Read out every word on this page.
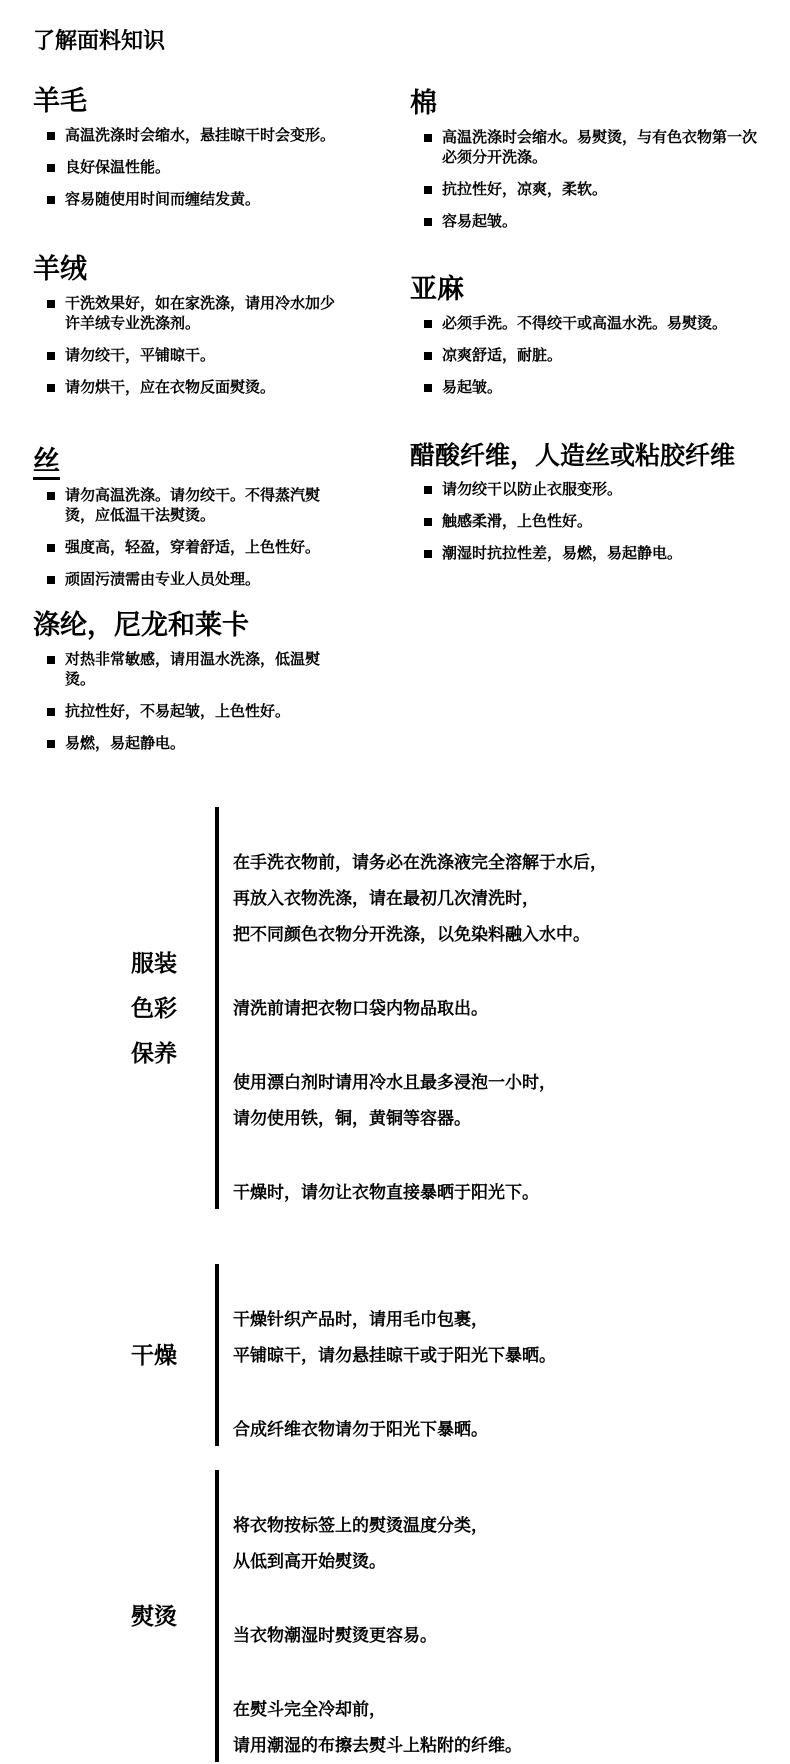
了解面料知识
羊毛
高温洗涤时会缩水，悬挂晾干时会变形。
良好保温性能。
容易随使用时间而缠结发黄。
羊绒
干洗效果好，如在家洗涤，请用冷水加少许羊绒专业洗涤剂。
请勿绞干，平铺晾干。
请勿烘干，应在衣物反面熨烫。
丝
请勿高温洗涤。请勿绞干。不得蒸汽熨烫，应低温干法熨烫。
强度高，轻盈，穿着舒适，上色性好。
顽固污渍需由专业人员处理。
涤纶，尼龙和莱卡
对热非常敏感，请用温水洗涤，低温熨烫。
抗拉性好，不易起皱，上色性好。
易燃，易起静电。
棉
高温洗涤时会缩水。易熨烫，与有色衣物第一次必须分开洗涤。
抗拉性好，凉爽，柔软。
容易起皱。
亚麻
必须手洗。不得绞干或高温水洗。易熨烫。
凉爽舒适，耐脏。
易起皱。
醋酸纤维，人造丝或粘胶纤维
请勿绞干以防止衣服变形。
触感柔滑，上色性好。
潮湿时抗拉性差，易燃，易起静电。
服装
色彩
保养

在手洗衣物前，请务必在洗涤液完全溶解于水后，
再放入衣物洗涤，请在最初几次清洗时，
把不同颜色衣物分开洗涤，以免染料融入水中。

清洗前请把衣物口袋内物品取出。

使用漂白剂时请用冷水且最多浸泡一小时，
请勿使用铁，铜，黄铜等容器。

干燥时，请勿让衣物直接暴晒于阳光下。

干燥

干燥针织产品时，请用毛巾包裹，
平铺晾干，请勿悬挂晾干或于阳光下暴晒。

合成纤维衣物请勿于阳光下暴晒。

熨烫

将衣物按标签上的熨烫温度分类，
从低到高开始熨烫。

当衣物潮湿时熨烫更容易。

在熨斗完全冷却前，
请用潮湿的布擦去熨斗上粘附的纤维。
